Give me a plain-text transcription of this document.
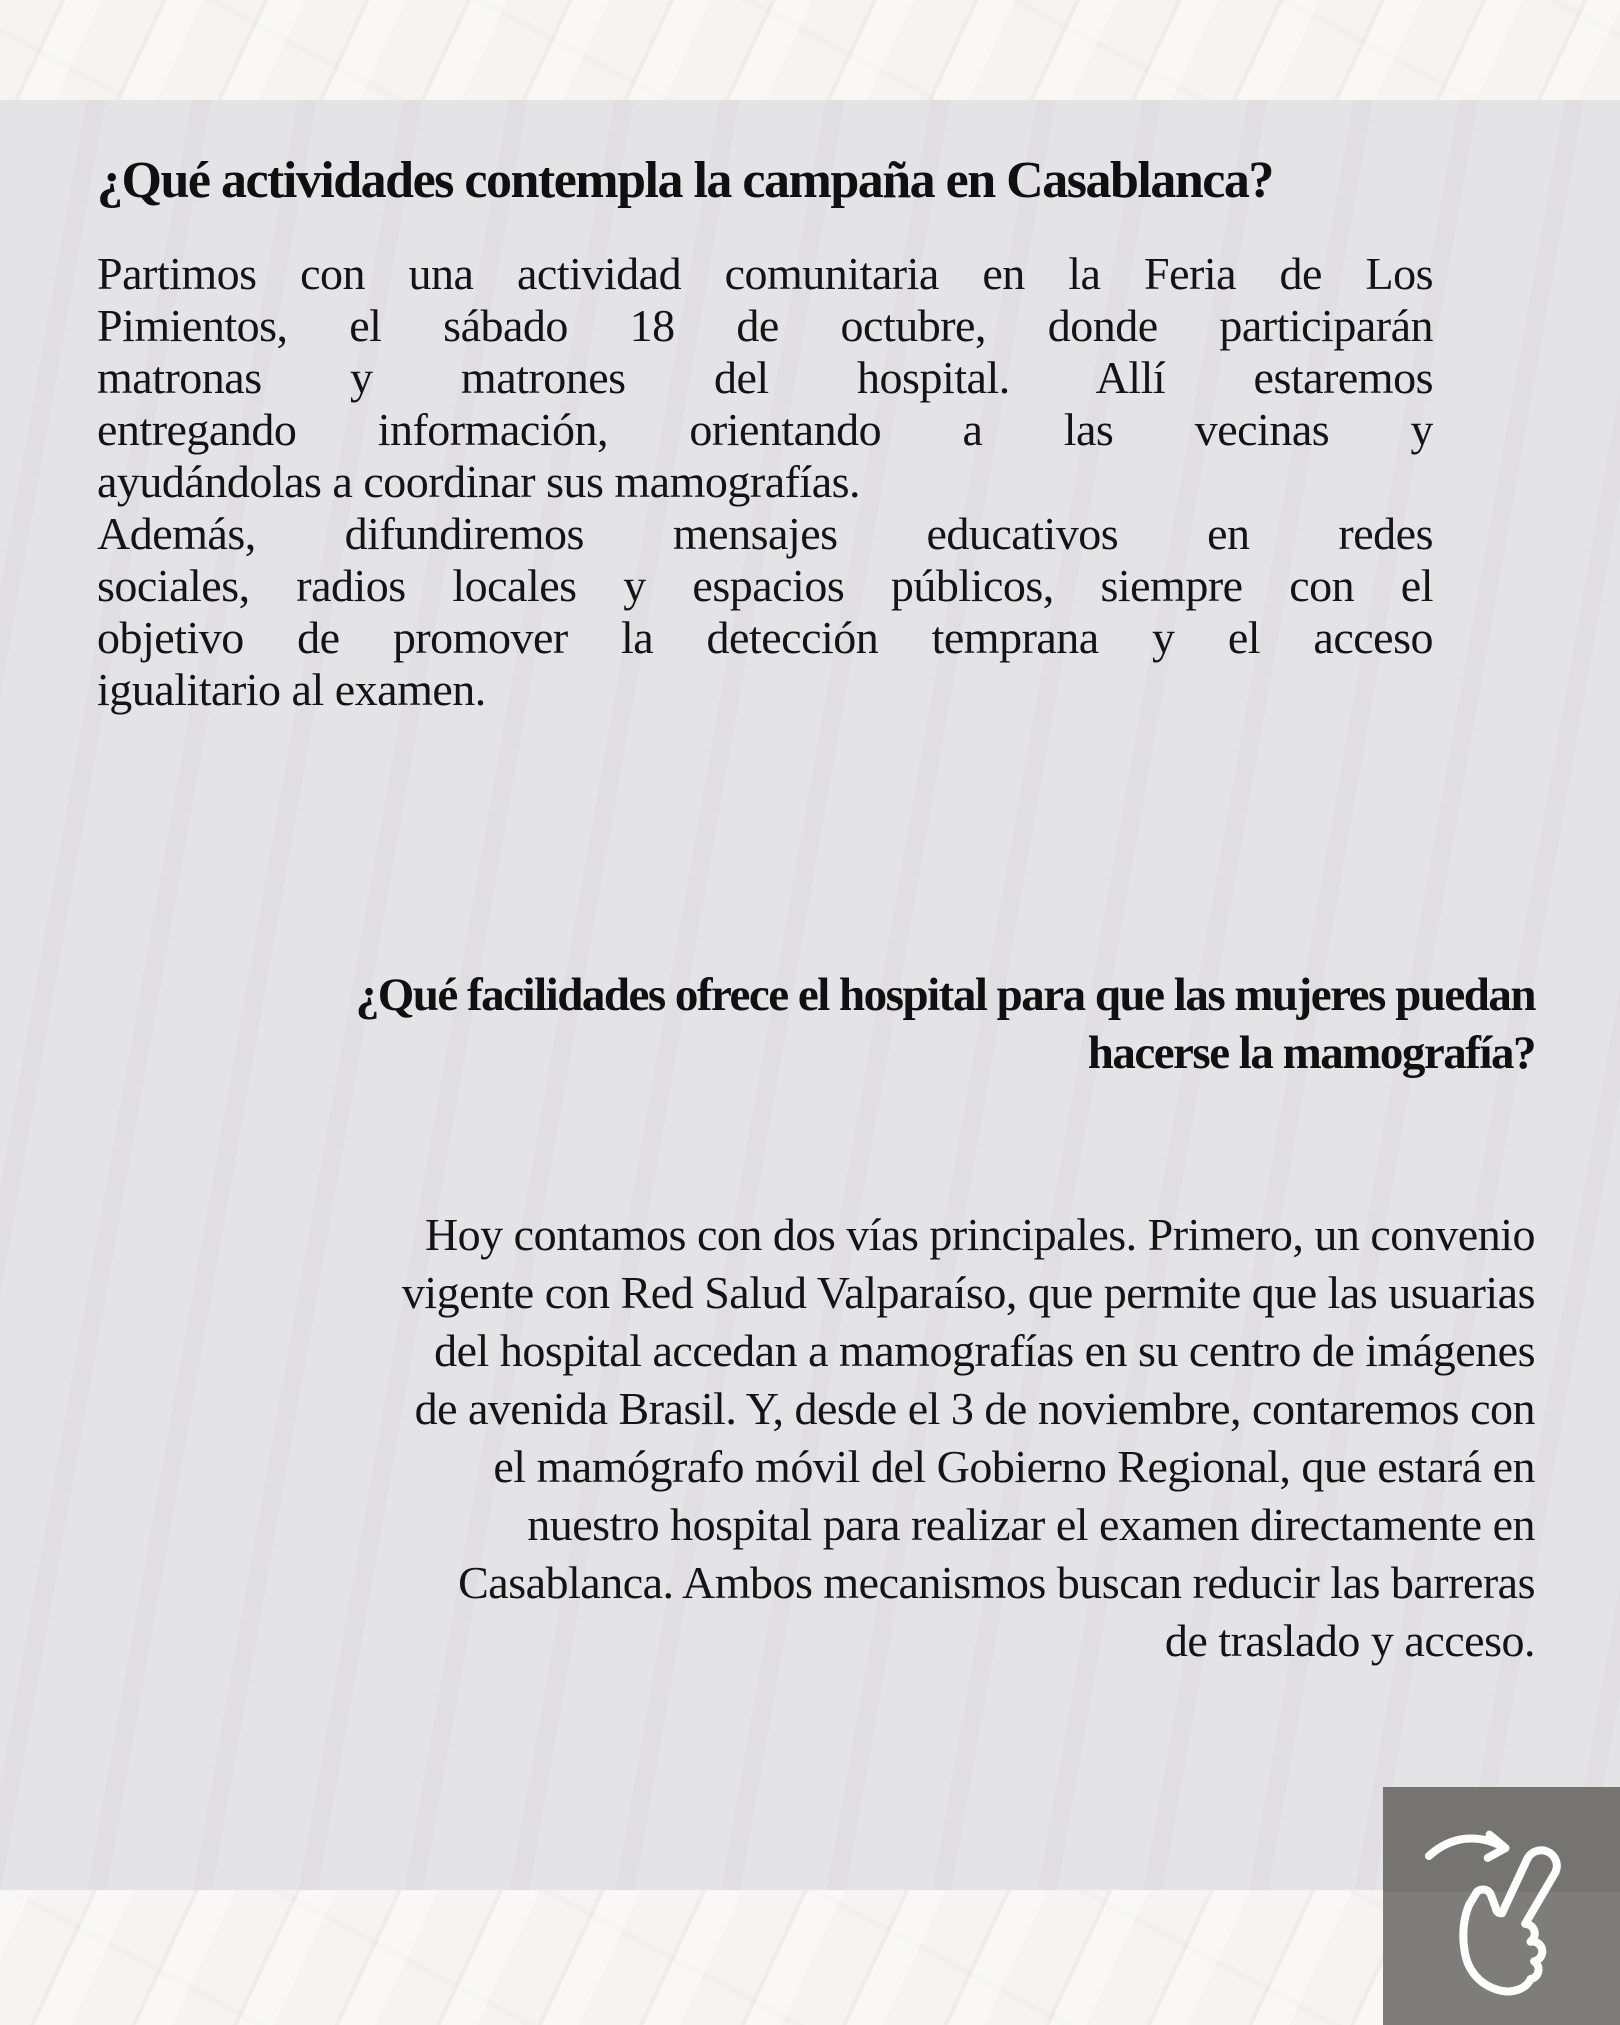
¿Qué actividades contempla la campaña en Casablanca?
Partimos con una actividad comunitaria en la Feria de Los
Pimientos, el sábado 18 de octubre, donde participarán
matronas y matrones del hospital. Allí estaremos
entregando información, orientando a las vecinas y
ayudándolas a coordinar sus mamografías.
Además, difundiremos mensajes educativos en redes
sociales, radios locales y espacios públicos, siempre con el
objetivo de promover la detección temprana y el acceso
igualitario al examen.
¿Qué facilidades ofrece el hospital para que las mujeres puedan
hacerse la mamografía?
Hoy contamos con dos vías principales. Primero, un convenio
vigente con Red Salud Valparaíso, que permite que las usuarias
del hospital accedan a mamografías en su centro de imágenes
de avenida Brasil. Y, desde el 3 de noviembre, contaremos con
el mamógrafo móvil del Gobierno Regional, que estará en
nuestro hospital para realizar el examen directamente en
Casablanca. Ambos mecanismos buscan reducir las barreras
de traslado y acceso.
